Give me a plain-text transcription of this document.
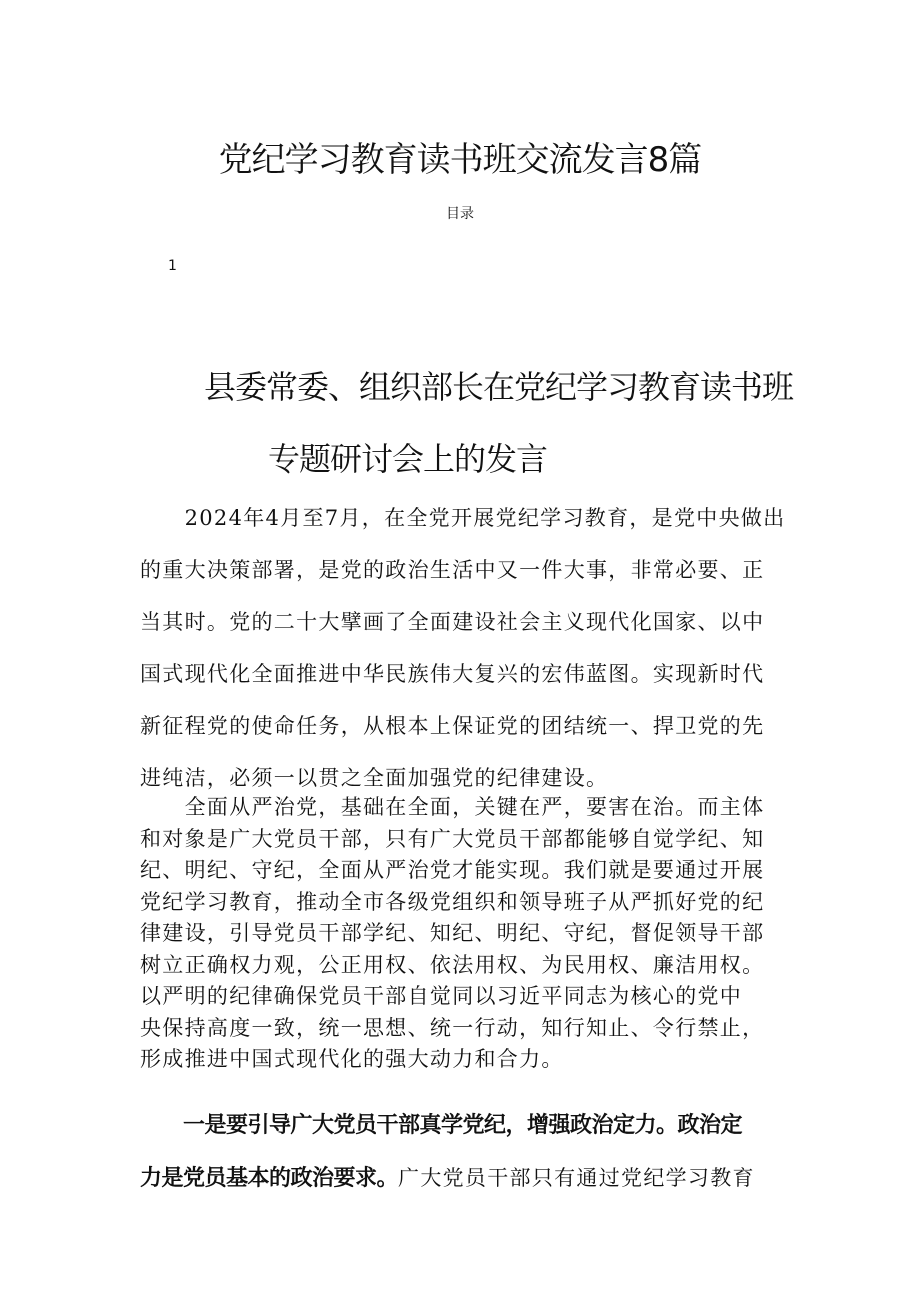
党纪学习教育读书班交流发言8篇
目录
1
县委常委、组织部长在党纪学习教育读书班
专题研讨会上的发言
　　2024年4月至7月，在全党开展党纪学习教育，是党中央做出
的重大决策部署，是党的政治生活中又一件大事，非常必要、正
当其时。党的二十大擘画了全面建设社会主义现代化国家、以中
国式现代化全面推进中华民族伟大复兴的宏伟蓝图。实现新时代
新征程党的使命任务，从根本上保证党的团结统一、捍卫党的先
进纯洁，必须一以贯之全面加强党的纪律建设。
　　全面从严治党，基础在全面，关键在严，要害在治。而主体
和对象是广大党员干部，只有广大党员干部都能够自觉学纪、知
纪、明纪、守纪，全面从严治党才能实现。我们就是要通过开展
党纪学习教育，推动全市各级党组织和领导班子从严抓好党的纪
律建设，引导党员干部学纪、知纪、明纪、守纪，督促领导干部
树立正确权力观，公正用权、依法用权、为民用权、廉洁用权。
以严明的纪律确保党员干部自觉同以习近平同志为核心的党中
央保持高度一致，统一思想、统一行动，知行知止、令行禁止，
形成推进中国式现代化的强大动力和合力。
　　一是要引导广大党员干部真学党纪，增强政治定力。政治定
力是党员基本的政治要求。广大党员干部只有通过党纪学习教育
